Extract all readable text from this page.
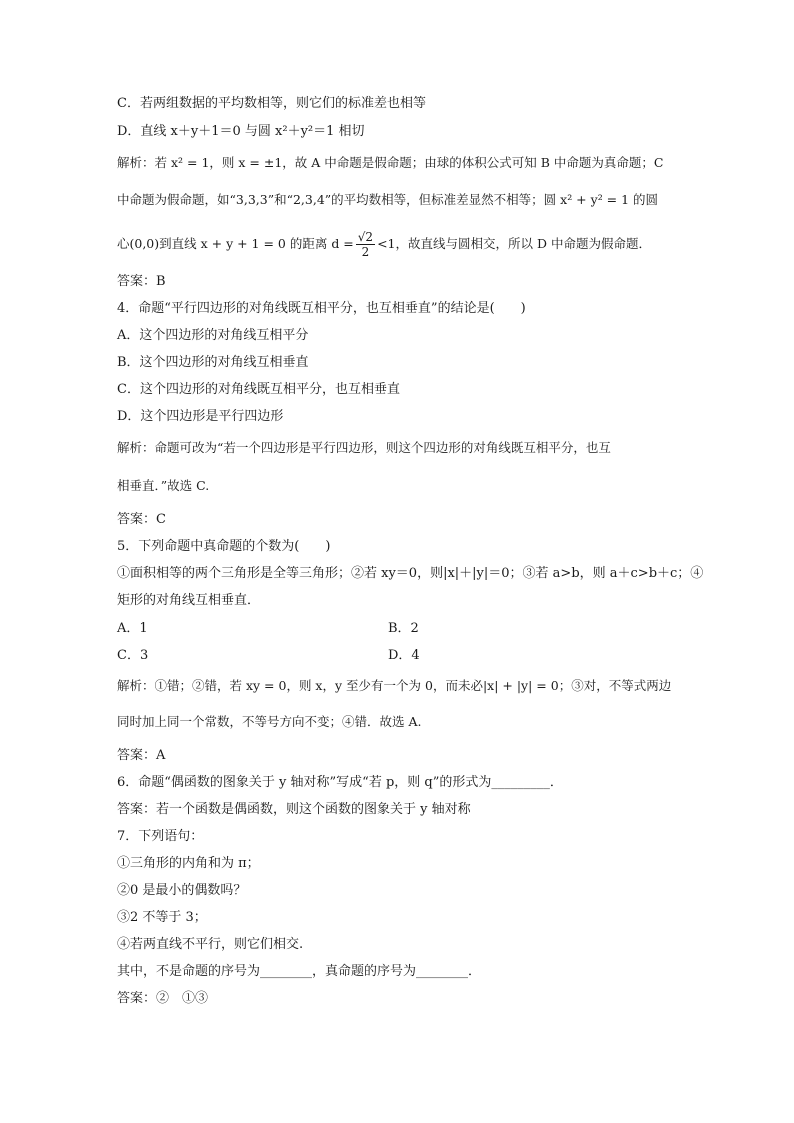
C．若两组数据的平均数相等，则它们的标准差也相等
D．直线 x＋y＋1＝0 与圆 x²＋y²＝1 相切
解析：若 x² = 1，则 x = ±1，故 A 中命题是假命题；由球的体积公式可知 B 中命题为真命题；C
中命题为假命题，如“3,3,3”和“2,3,4”的平均数相等，但标准差显然不相等；圆 x² + y² = 1 的圆
心(0,0)到直线 x + y + 1 = 0 的距离 $d = \frac{√2}{2} <1$，故直线与圆相交，所以 D 中命题为假命题．
答案：B
4．命题“平行四边形的对角线既互相平分，也互相垂直”的结论是(　　)
A．这个四边形的对角线互相平分
B．这个四边形的对角线互相垂直
C．这个四边形的对角线既互相平分，也互相垂直
D．这个四边形是平行四边形
解析：命题可改为“若一个四边形是平行四边形，则这个四边形的对角线既互相平分，也互
相垂直．”故选 C.
答案：C
5．下列命题中真命题的个数为(　　)
①面积相等的两个三角形是全等三角形；②若 xy＝0，则|x|＋|y|＝0；③若 a>b，则 a＋c>b＋c；④
矩形的对角线互相垂直．
A．1	B．2
C．3	D．4
解析：①错；②错，若 xy = 0，则 x，y 至少有一个为 0，而未必|x| + |y| = 0；③对，不等式两边
同时加上同一个常数，不等号方向不变；④错．故选 A.
答案：A
6．命题“偶函数的图象关于 y 轴对称”写成“若 p，则 q”的形式为_________．
答案：若一个函数是偶函数，则这个函数的图象关于 y 轴对称
7．下列语句：
①三角形的内角和为 π；
②0 是最小的偶数吗？
③2 不等于 3；
④若两直线不平行，则它们相交.
其中，不是命题的序号为________，真命题的序号为________．
答案：②　①③
